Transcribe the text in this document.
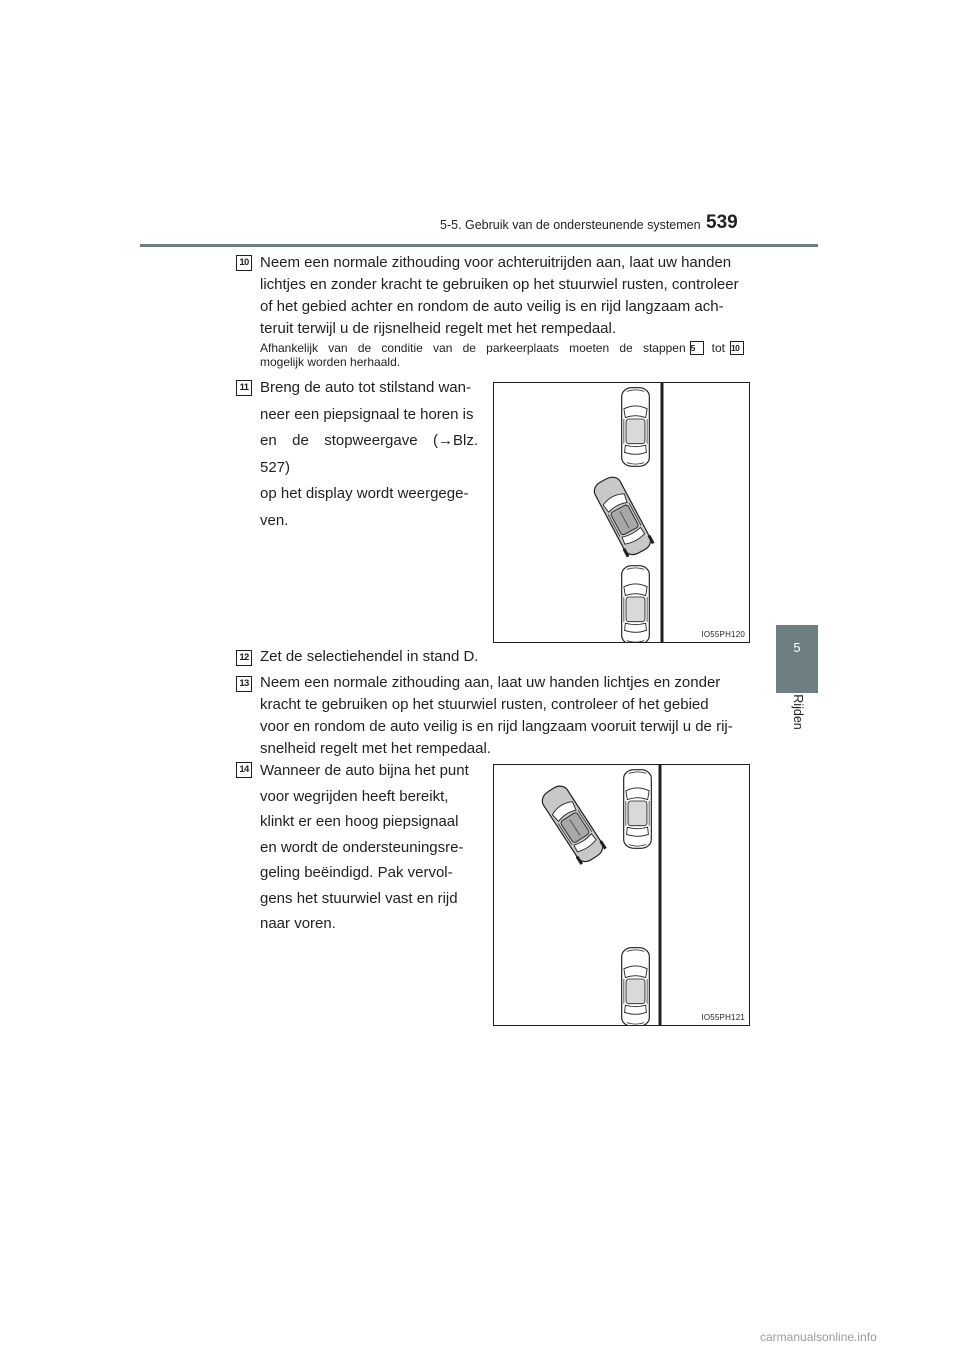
5-5. Gebruik van de ondersteunende systemen 539
5
Rijden
10 Neem een normale zithouding voor achteruitrijden aan, laat uw handen
lichtjes en zonder kracht te gebruiken op het stuurwiel rusten, controleer
of het gebied achter en rondom de auto veilig is en rijd langzaam ach-
teruit terwijl u de rijsnelheid regelt met het rempedaal.
Afhankelijk van de conditie van de parkeerplaats moeten de stappen 5	tot 10
mogelijk worden herhaald.
11 Breng de auto tot stilstand wan-
neer een piepsignaal te horen is
en de stopweergave (→Blz. 527)
op het display wordt weergege-
ven.
IO55PH120
12 Zet de selectiehendel in stand D.
13 Neem een normale zithouding aan, laat uw handen lichtjes en zonder
kracht te gebruiken op het stuurwiel rusten, controleer of het gebied
voor en rondom de auto veilig is en rijd langzaam vooruit terwijl u de rij-
snelheid regelt met het rempedaal.
14 Wanneer de auto bijna het punt
voor wegrijden heeft bereikt,
klinkt er een hoog piepsignaal
en wordt de ondersteuningsre-
geling beëindigd. Pak vervol-
gens het stuurwiel vast en rijd
naar voren.
IO55PH121
carmanualsonline.info
